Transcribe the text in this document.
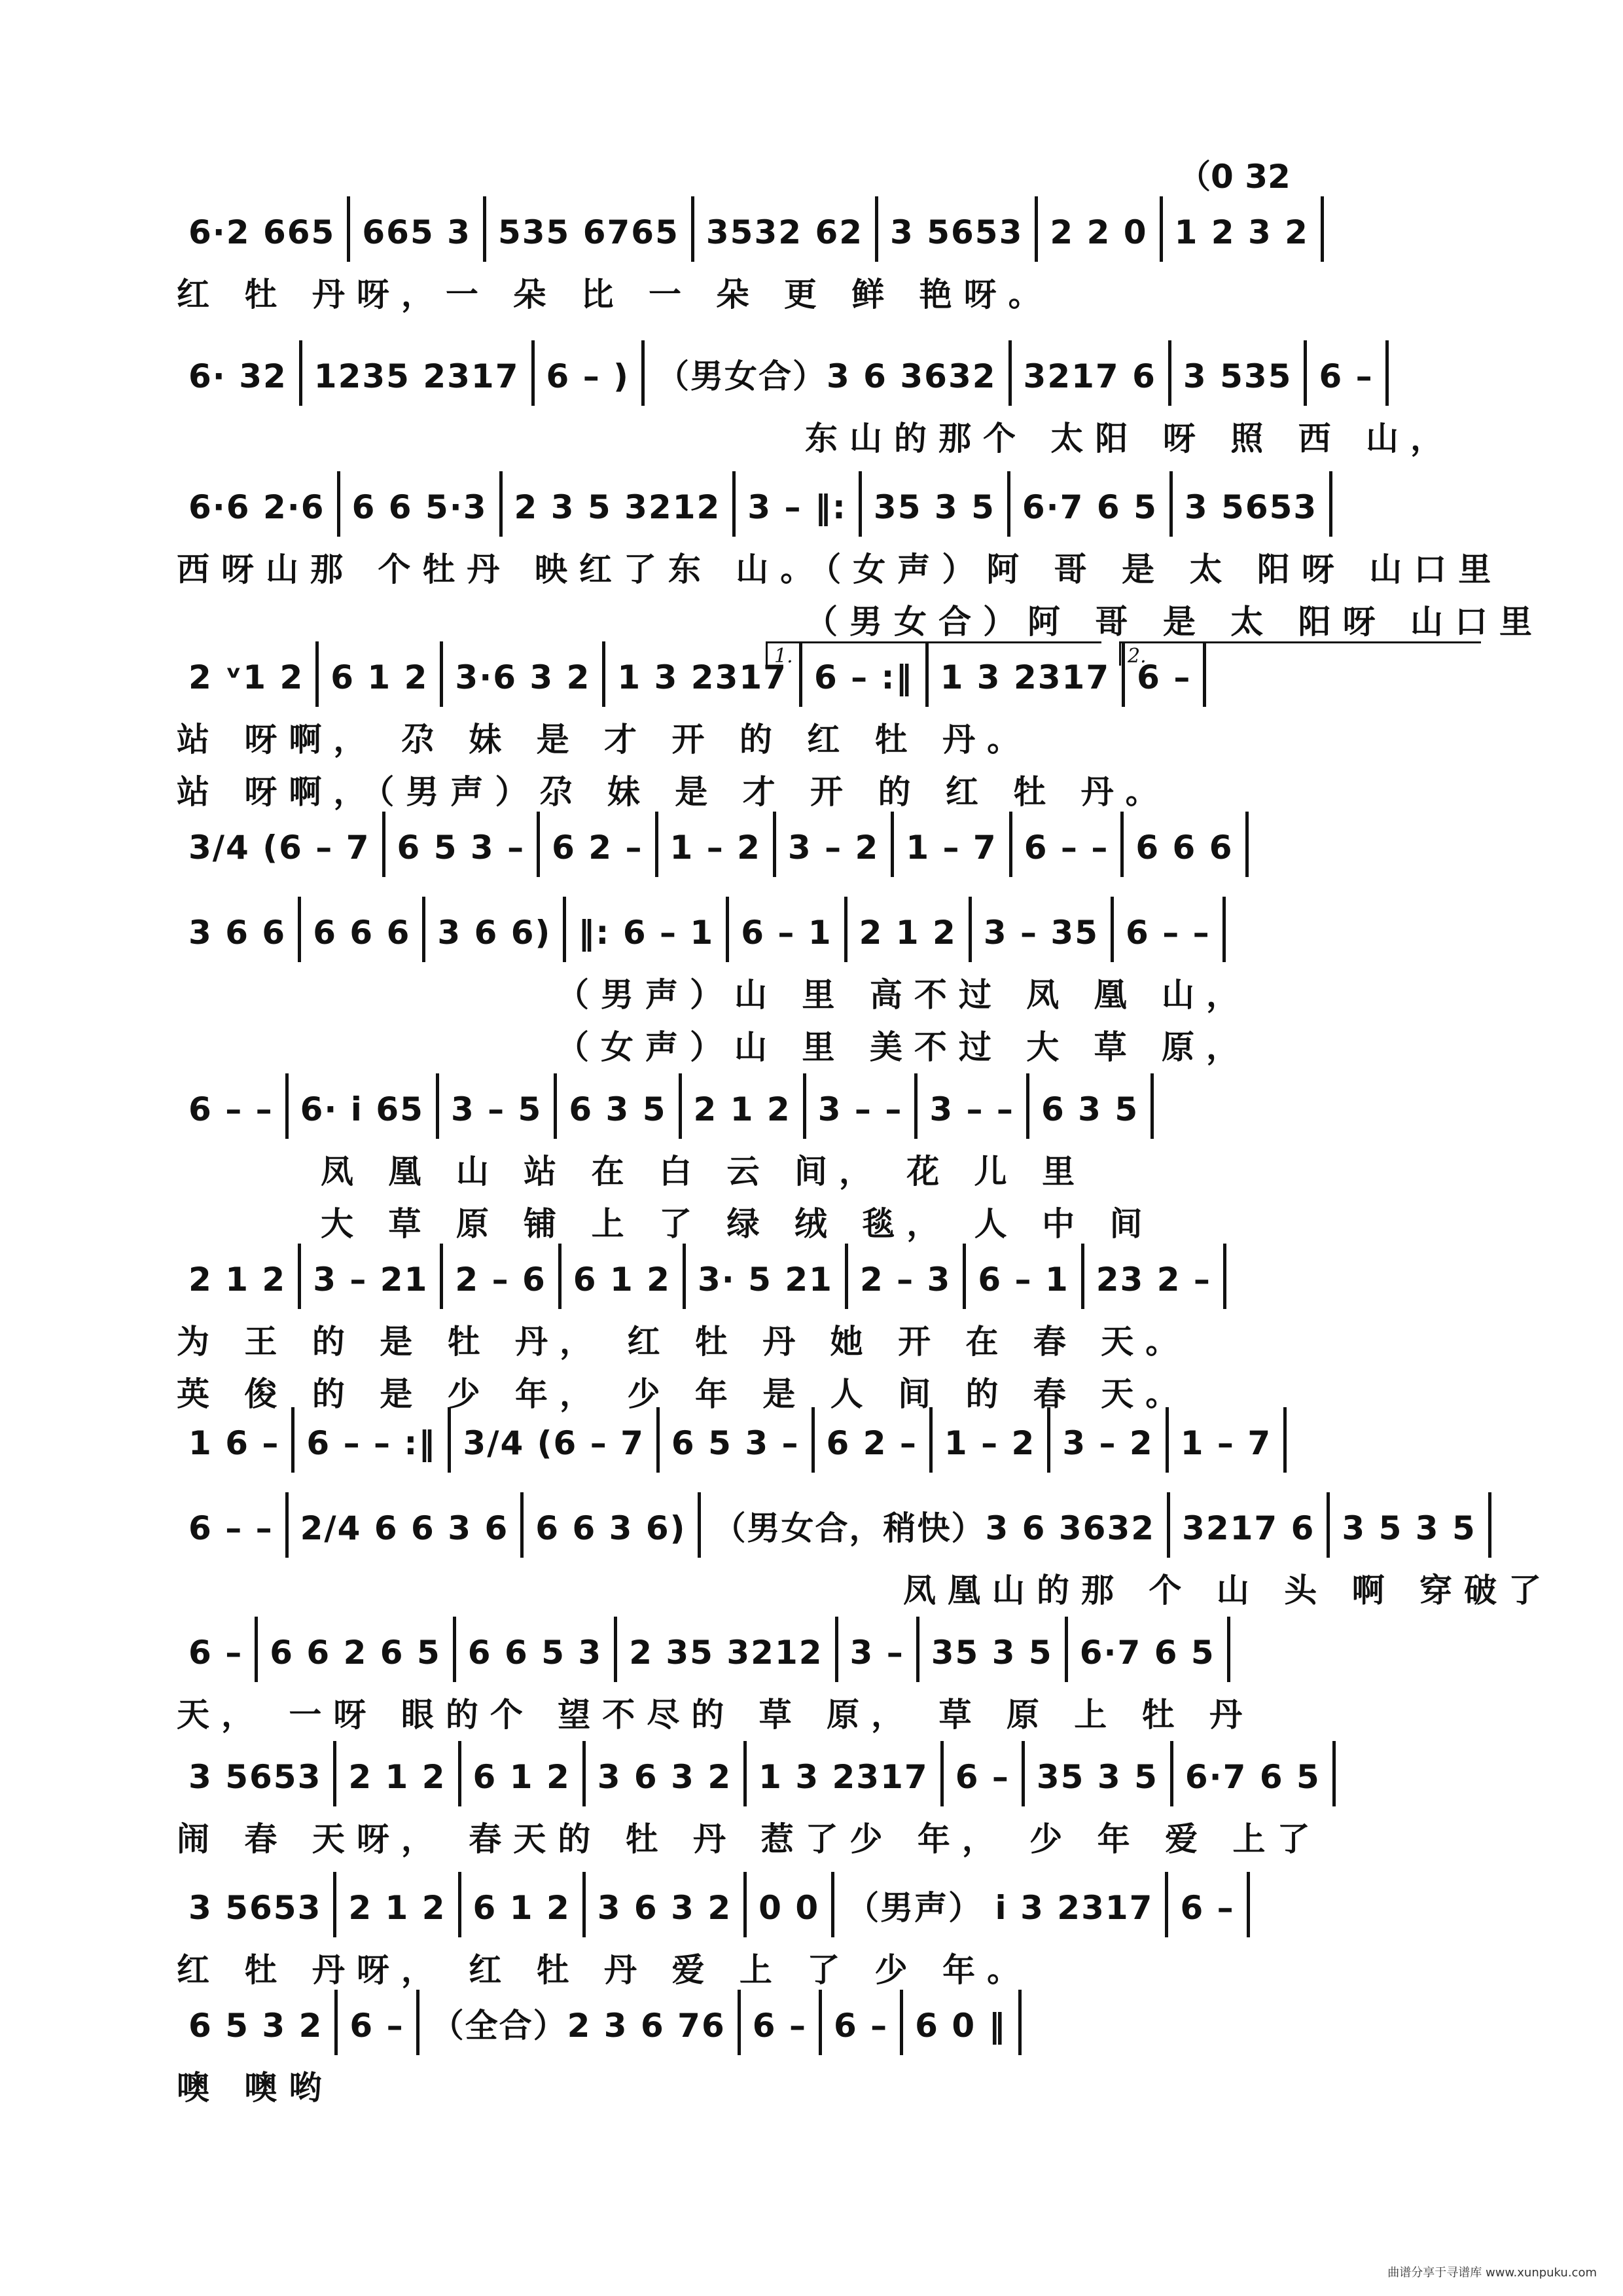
（0 32
6·2 665 665 3 535 6765 3532 62 3 5653 2 2 0 1 2 3 2
红 牡 丹呀，一 朵 比 一 朵 更 鲜 艳呀。
6· 32 1235 2317 6 – ) （男女合）3 6 3632 3217 6 3 535 6 –
东山的那个 太阳 呀 照 西 山，
6·6 2·6 6 6 5·3 2 3 5 3212 3 – ‖: 35 3 5 6·7 6 5 3 5653
西呀山那 个牡丹 映红了东 山。（女声）阿 哥 是 太 阳呀 山口里
（男女合）阿 哥 是 太 阳呀 山口里
1.	2.
2 ᵛ1 2 6 1 2 3·6 3 2 1 3 2317 6 – :‖ 1 3 2317 6 –
站 呀啊， 尕 妹 是 才 开 的 红 牡 丹。
站 呀啊，（男声）尕 妹 是 才 开 的 红 牡 丹。
3/4 (6 – 7 6 5 3 – 6 2 – 1 – 2 3 – 2 1 – 7 6 – – 6 6 6
3 6 6 6 6 6 3 6 6) ‖: 6 – 1 6 – 1 2 1 2 3 – 35 6 – –
（男声）山 里 高不过 凤 凰 山，
（女声）山 里 美不过 大 草 原，
6 – – 6· i 65 3 – 5 6 3 5 2 1 2 3 – – 3 – – 6 3 5
凤 凰 山 站 在 白 云 间， 花 儿 里
大 草 原 铺 上 了 绿 绒 毯， 人 中 间
2 1 2 3 – 21 2 – 6 6 1 2 3· 5 21 2 – 3 6 – 1 23 2 –
为 王 的 是 牡 丹， 红 牡 丹 她 开 在 春 天。
英 俊 的 是 少 年， 少 年 是 人 间 的 春 天。
1 6 – 6 – – :‖ 3/4 (6 – 7 6 5 3 – 6 2 – 1 – 2 3 – 2 1 – 7
6 – – 2/4 6 6 3 6 6 6 3 6) （男女合，稍快）3 6 3632 3217 6 3 5 3 5
凤凰山的那 个 山 头 啊 穿破了
6 – 6 6 2 6 5 6 6 5 3 2 35 3212 3 – 35 3 5 6·7 6 5
天， 一呀 眼的个 望不尽的 草 原， 草 原 上 牡 丹
3 5653 2 1 2 6 1 2 3 6 3 2 1 3 2317 6 – 35 3 5 6·7 6 5
闹 春 天呀， 春天的 牡 丹 惹了少 年， 少 年 爱 上了
3 5653 2 1 2 6 1 2 3 6 3 2 0 0 （男声） i 3 2317 6 –
红 牡 丹呀， 红 牡 丹 爱 上 了 少 年。
6 5 3 2 6 – （全合）2 3 6 76 6 – 6 – 6 0 ‖
噢 噢哟
曲谱分享于寻谱库 www.xunpuku.com
